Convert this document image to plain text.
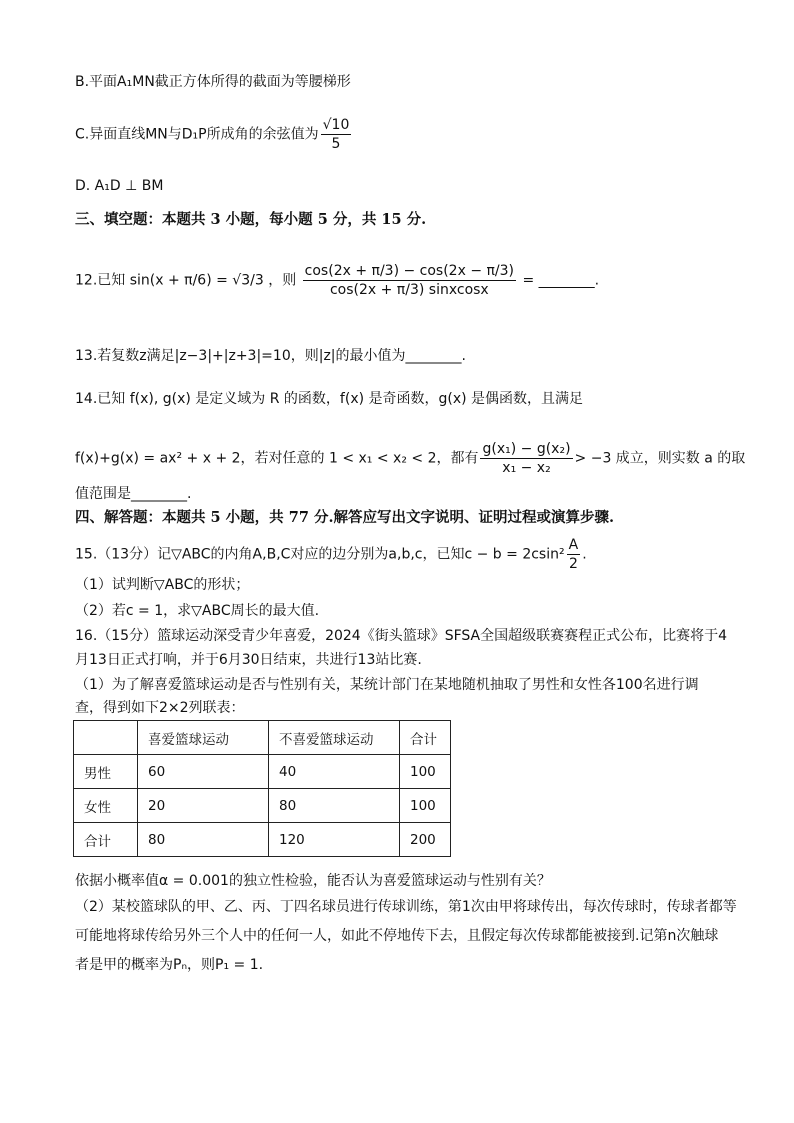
B.平面A₁MN截正方体所得的截面为等腰梯形
C.异面直线MN与D₁P所成角的余弦值为 $\frac{√10}{5}$
D. A₁D ⊥ BM
三、填空题：本题共 3 小题，每小题 5 分，共 15 分.
12.已知 sin(x + π/6) = √3/3 ，则 $\frac{\cos(2x + \pi/3) - \cos(2x - \pi/3)}{\text{cos(2x + π/3) sinxcosx}}$ = ________.
13.若复数z满足|z−3|+|z+3|=10，则|z|的最小值为________.
14.已知 f(x), g(x) 是定义域为 R 的函数，f(x) 是奇函数，g(x) 是偶函数，且满足
f(x)+g(x) = ax² + x + 2，若对任意的 1 < x₁ < x₂ < 2，都有 $\frac{\text{g(x₁) − g(x₂)}}{\text{x₁ − x₂}} > -3$ 成立，则实数 a 的取
值范围是________.
四、解答题：本题共 5 小题，共 77 分.解答应写出文字说明、证明过程或演算步骤.
15.（13分）记▽ABC的内角A,B,C对应的边分别为a,b,c，已知$c - b = 2csin^2 \frac{A}{2}$ .
（1）试判断▽ABC的形状；
（2）若c = 1，求▽ABC周长的最大值.
16.（15分）篮球运动深受青少年喜爱，2024《街头篮球》SFSA全国超级联赛赛程正式公布，比赛将于4
月13日正式打响，并于6月30日结束，共进行13站比赛.
（1）为了解喜爱篮球运动是否与性别有关，某统计部门在某地随机抽取了男性和女性各100名进行调
查，得到如下2×2列联表：
	喜爱篮球运动	不喜爱篮球运动	合计
男性	60	40	100
女性	20	80	100
合计	80	120	200
依据小概率值α = 0.001的独立性检验，能否认为喜爱篮球运动与性别有关？
（2）某校篮球队的甲、乙、丙、丁四名球员进行传球训练，第1次由甲将球传出，每次传球时，传球者都等
可能地将球传给另外三个人中的任何一人，如此不停地传下去，且假定每次传球都能被接到.记第n次触球
者是甲的概率为Pₙ，则P₁ = 1.
